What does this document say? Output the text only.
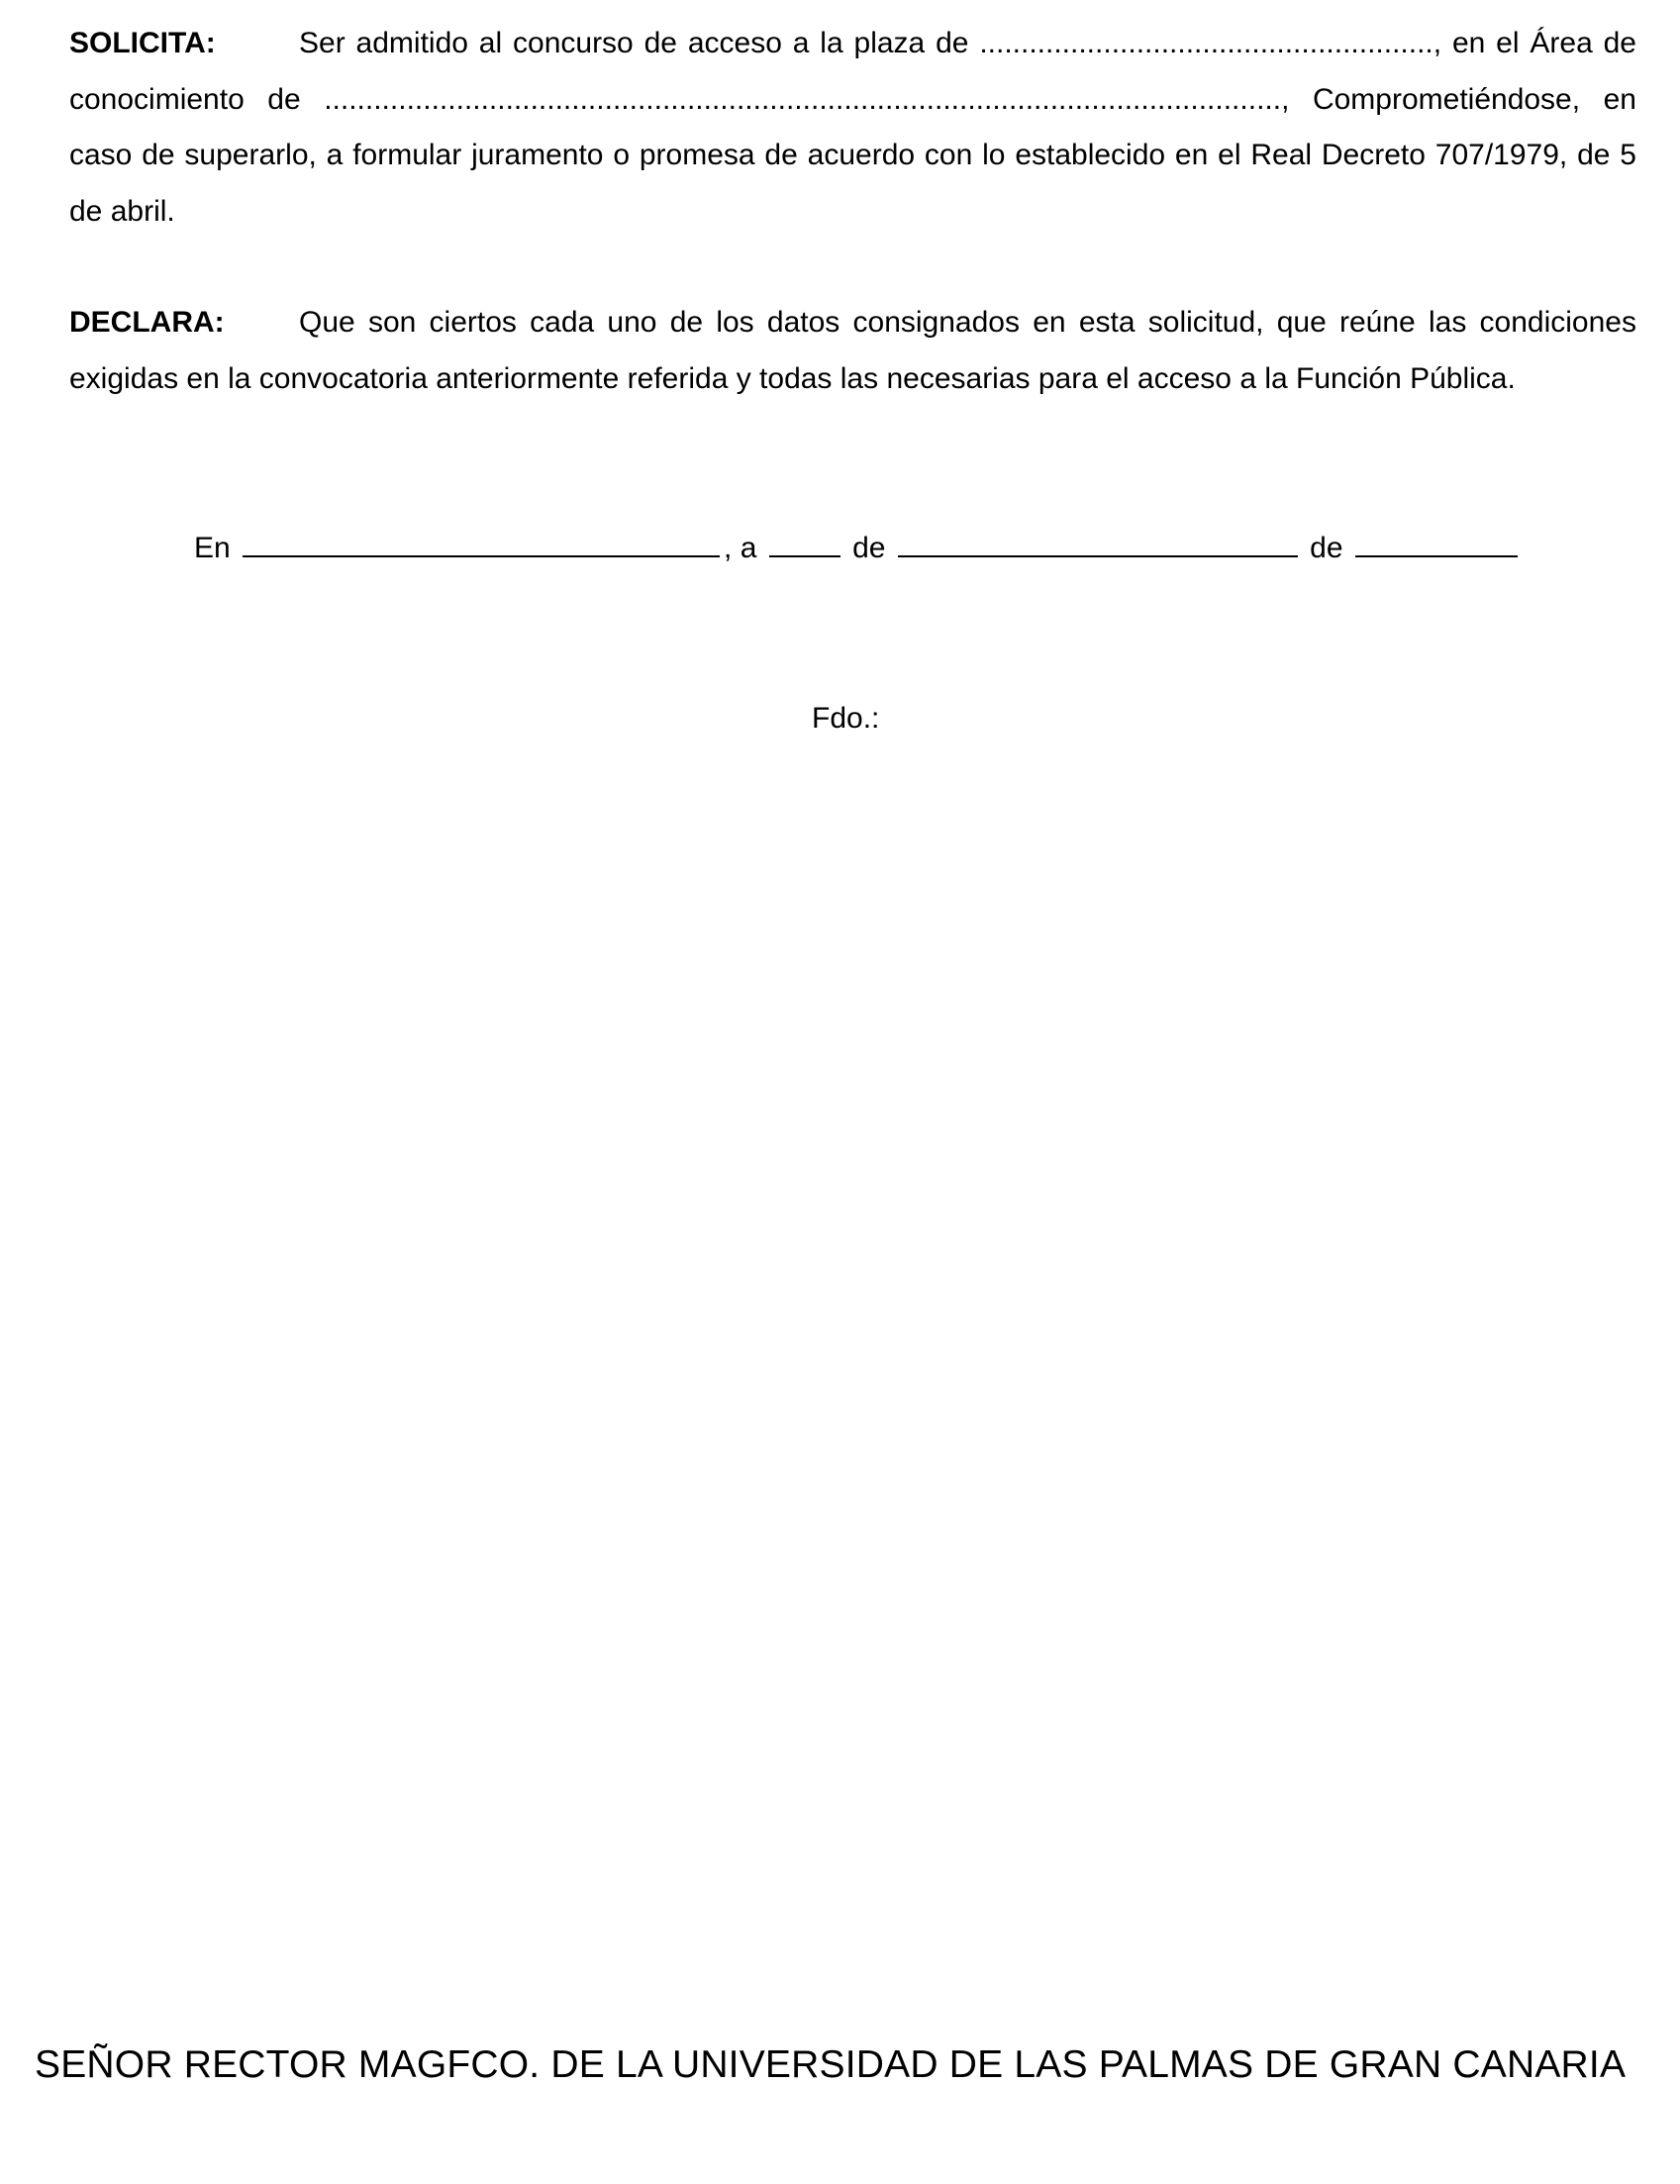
SOLICITA:	Ser admitido al concurso de acceso a la plaza de ......................................................., en el Área de conocimiento de ...................................................................................................................., Comprometiéndose, en caso de superarlo, a formular juramento o promesa de acuerdo con lo establecido en el Real Decreto 707/1979, de 5 de abril.
DECLARA:	Que son ciertos cada uno de los datos consignados en esta solicitud, que reúne las condiciones exigidas en la convocatoria anteriormente referida y todas las necesarias para el acceso a la Función Pública.
En	, a	de	de
Fdo.:
SEÑOR RECTOR MAGFCO. DE LA UNIVERSIDAD DE LAS PALMAS DE GRAN CANARIA
